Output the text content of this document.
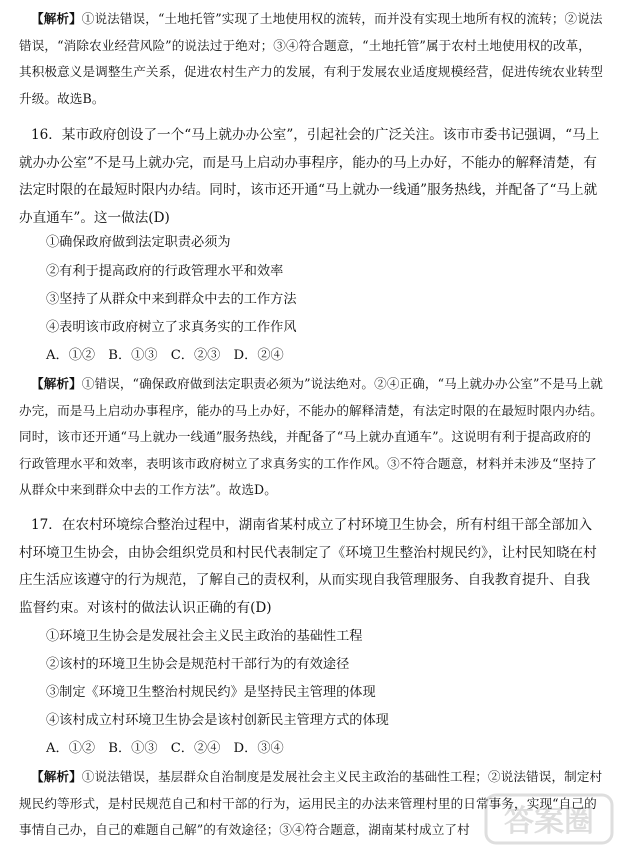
【解析】①说法错误，“土地托管”实现了土地使用权的流转，而并没有实现土地所有权的流转；②说法错误，“消除农业经营风险”的说法过于绝对；③④符合题意，“土地托管”属于农村土地使用权的改革，其积极意义是调整生产关系，促进农村生产力的发展，有利于发展农业适度规模经营，促进传统农业转型升级。故选B。

16．某市政府创设了一个“马上就办办公室”，引起社会的广泛关注。该市市委书记强调，“马上就办办公室”不是马上就办完，而是马上启动办事程序，能办的马上办好，不能办的解释清楚，有法定时限的在最短时限内办结。同时，该市还开通“马上就办一线通”服务热线，并配备了“马上就办直通车”。这一做法(D)

①确保政府做到法定职责必须为

②有利于提高政府的行政管理水平和效率

③坚持了从群众中来到群众中去的工作方法

④表明该市政府树立了求真务实的工作作风

A．①②　B．①③　C．②③　D．②④

【解析】①错误，“确保政府做到法定职责必须为”说法绝对。②④正确，“马上就办办公室”不是马上就办完，而是马上启动办事程序，能办的马上办好，不能办的解释清楚，有法定时限的在最短时限内办结。同时，该市还开通“马上就办一线通”服务热线，并配备了“马上就办直通车”。这说明有利于提高政府的行政管理水平和效率，表明该市政府树立了求真务实的工作作风。③不符合题意，材料并未涉及“坚持了从群众中来到群众中去的工作方法”。故选D。

17．在农村环境综合整治过程中，湖南省某村成立了村环境卫生协会，所有村组干部全部加入村环境卫生协会，由协会组织党员和村民代表制定了《环境卫生整治村规民约》，让村民知晓在村庄生活应该遵守的行为规范，了解自己的责权利，从而实现自我管理服务、自我教育提升、自我监督约束。对该村的做法认识正确的有(D)

①环境卫生协会是发展社会主义民主政治的基础性工程

②该村的环境卫生协会是规范村干部行为的有效途径

③制定《环境卫生整治村规民约》是坚持民主管理的体现

④该村成立村环境卫生协会是该村创新民主管理方式的体现

A．①②　B．①③　C．②④　D．③④

【解析】①说法错误，基层群众自治制度是发展社会主义民主政治的基础性工程；②说法错误，制定村规民约等形式，是村民规范自己和村干部的行为，运用民主的办法来管理村里的日常事务，实现“自己的事情自己办，自己的难题自己解”的有效途径；③④符合题意，湖南某村成立了村	答案圈
